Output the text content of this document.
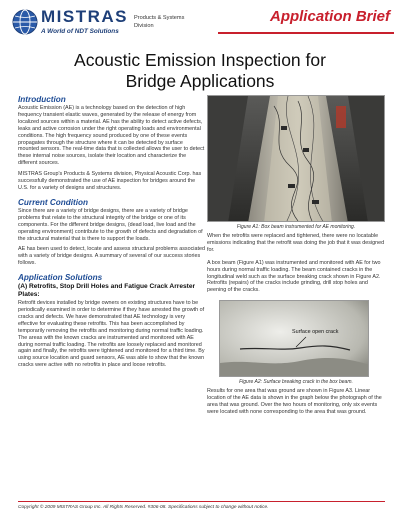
MISTRAS
A World of NDT Solutions
Products & Systems
Division
Application Brief
Acoustic Emission Inspection for
Bridge Applications
Introduction

Acoustic Emission (AE) is a technology based on the detection of high frequency transient elastic waves, generated by the release of energy from localized sources within a material. AE has the ability to detect active defects, leaks and active corrosion under the right operating loads and environmental conditions. The high frequency sound produced by one of these events propagates through the structure where it can be detected by surface mounted sensors. The real-time data that is collected allows the user to detect these internal noise sources, isolate their location and characterize the different sources.

MISTRAS Group's Products & Systems division, Physical Acoustic Corp. has successfully demonstrated the use of AE inspection for bridges around the U.S. for a variety of designs and structures.

Current Condition

Since there are a variety of bridge designs, there are a variety of bridge problems that relate to the structural integrity of the bridge or one of its components. For the different bridge designs, (dead load, live load and the operating environment) contribute to the growth of defects and degradation of the structural material that is there to support the loads.

AE has been used to detect, locate and assess structural problems associated with a variety of bridge designs. A summary of several of our success stories follows.

Application Solutions
(A) Retrofits, Stop Drill Holes and Fatigue Crack Arrester Plates:

Retrofit devices installed by bridge owners on existing structures have to be periodically examined in order to determine if they have arrested the growth of cracks and defects. We have demonstrated that AE technology is very effective for evaluating these retrofits. This has been accomplished by temporarily removing the retrofits and monitoring during normal traffic loading. The areas with the known cracks are instrumented and monitored with AE during normal traffic loading. The retrofits are loosely replaced and monitored again and finally, the retrofits were tightened and monitored for a third time. By using source location and guard sensors, AE was able to show that the known cracks were active with no retrofits in place and loose retrofits.

Figure A1: Box beam instrumented for AE monitoring.

When the retrofits were replaced and tightened, there were no locatable emissions indicating that the retrofit was doing the job that it was designed for.

A box beam (Figure A1) was instrumented and monitored with AE for two hours during normal traffic loading. The beam contained cracks in the longitudinal weld such as the surface breaking crack shown in Figure A2. Retrofits (repairs) of the cracks include grinding, drill stop holes and peening of the cracks.

Surface open crack
Figure A2: Surface breaking crack in the box beam.

Results for one area that was ground are shown in Figure A3. Linear location of the AE data is shown in the graph below the photograph of the area that was ground. Over the two hours of monitoring, only six events were located with none corresponding to the area that was ground.

Copyright © 2009 MISTRAS Group Inc. All Rights Reserved. #306-08. Specifications subject to change without notice.
